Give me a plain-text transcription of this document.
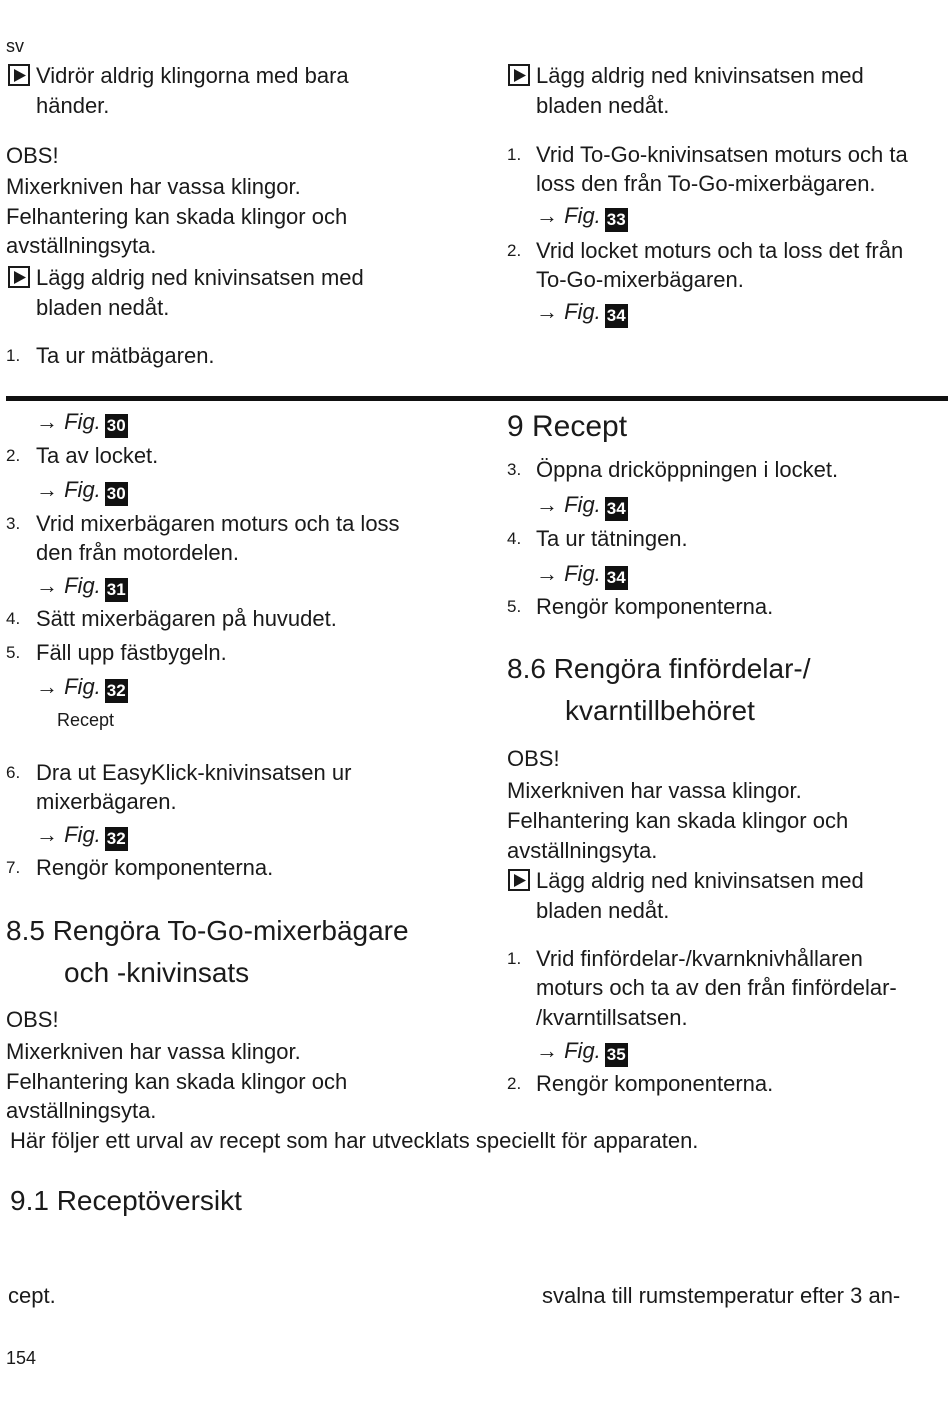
sv
Vidrör aldrig klingorna med bara
händer.
OBS!
Mixerkniven har vassa klingor.
Felhantering kan skada klingor och
avställningsyta.
Lägg aldrig ned knivinsatsen med
bladen nedåt.
1. Ta ur mätbägaren.
Lägg aldrig ned knivinsatsen med
bladen nedåt.
1. Vrid To-Go-knivinsatsen moturs och ta
loss den från To-Go-mixerbägaren.
→ Fig. 33
2. Vrid locket moturs och ta loss det från
To-Go-mixerbägaren.
→ Fig. 34
→ Fig. 30
2. Ta av locket.
→ Fig. 30
3. Vrid mixerbägaren moturs och ta loss
den från motordelen.
→ Fig. 31
4. Sätt mixerbägaren på huvudet.
5. Fäll upp fästbygeln.
→ Fig. 32
Recept
6. Dra ut EasyKlick-knivinsatsen ur
mixerbägaren.
→ Fig. 32
7. Rengör komponenterna.
8.5 Rengöra To-Go-mixerbägare
och -knivinsats
OBS!
Mixerkniven har vassa klingor.
Felhantering kan skada klingor och
avställningsyta.
9 Recept
3. Öppna dricköppningen i locket.
→ Fig. 34
4. Ta ur tätningen.
→ Fig. 34
5. Rengör komponenterna.
8.6 Rengöra finfördelar-/
kvarntillbehöret
OBS!
Mixerkniven har vassa klingor.
Felhantering kan skada klingor och
avställningsyta.
Lägg aldrig ned knivinsatsen med
bladen nedåt.
1. Vrid finfördelar-/kvarnknivhållaren
moturs och ta av den från finfördelar-
/kvarntillsatsen.
→ Fig. 35
2. Rengör komponenterna.
Här följer ett urval av recept som har utvecklats speciellt för apparaten.
9.1 Receptöversikt
cept.	svalna till rumstemperatur efter 3 an-
154
